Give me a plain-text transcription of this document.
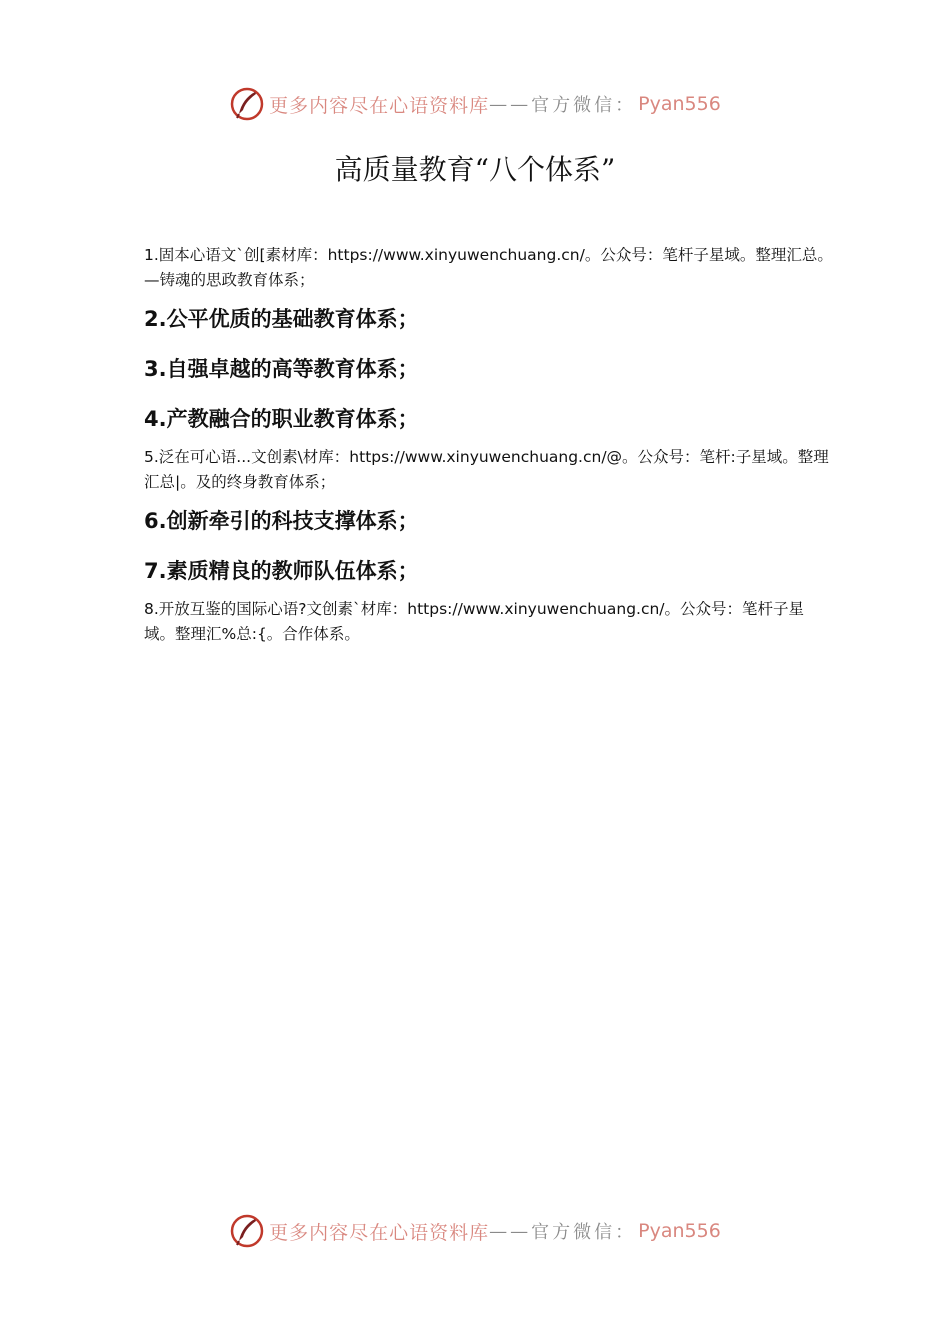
更多内容尽在心语资料库 —— 官方微信： Pyan556
高质量教育“八个体系”

1.固本心语文`创[素材库：https://www.xinyuwenchuang.cn/。公众号：笔杆子星域。整理汇总。—铸魂的思政教育体系；

2.公平优质的基础教育体系；

3.自强卓越的高等教育体系；

4.产教融合的职业教育体系；

5.泛在可心语...文创素\材库：https://www.xinyuwenchuang.cn/@。公众号：笔杆:子星域。整理汇总|。及的终身教育体系；

6.创新牵引的科技支撑体系；

7.素质精良的教师队伍体系；

8.开放互鉴的国际心语?文创素`材库：https://www.xinyuwenchuang.cn/。公众号：笔杆子星域。整理汇%总:{。合作体系。

更多内容尽在心语资料库 —— 官方微信： Pyan556
